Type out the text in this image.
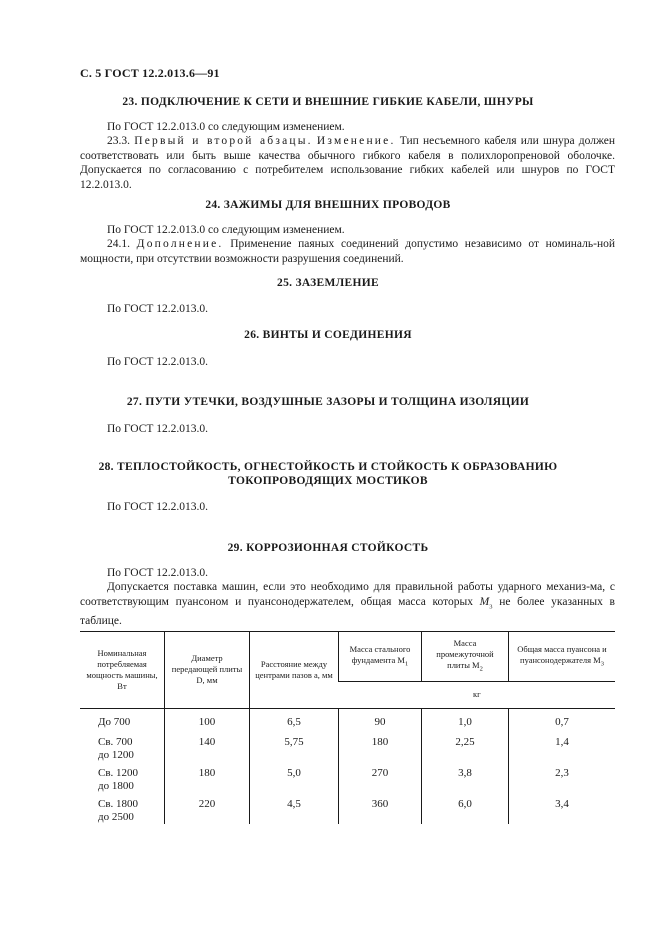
С. 5 ГОСТ 12.2.013.6—91
23. ПОДКЛЮЧЕНИЕ К СЕТИ И ВНЕШНИЕ ГИБКИЕ КАБЕЛИ, ШНУРЫ
По ГОСТ 12.2.013.0 со следующим изменением.
23.3. Первый и второй абзацы. Изменение. Тип несъемного кабеля или шнура должен соответствовать или быть выше качества обычного гибкого кабеля в полихлоропреновой оболочке. Допускается по согласованию с потребителем использование гибких кабелей или шнуров по ГОСТ 12.2.013.0.
24. ЗАЖИМЫ ДЛЯ ВНЕШНИХ ПРОВОДОВ
По ГОСТ 12.2.013.0 со следующим изменением.
24.1. Дополнение. Применение паяных соединений допустимо независимо от номиналь-ной мощности, при отсутствии возможности разрушения соединений.
25. ЗАЗЕМЛЕНИЕ
По ГОСТ 12.2.013.0.
26. ВИНТЫ И СОЕДИНЕНИЯ
По ГОСТ 12.2.013.0.
27. ПУТИ УТЕЧКИ, ВОЗДУШНЫЕ ЗАЗОРЫ И ТОЛЩИНА ИЗОЛЯЦИИ
По ГОСТ 12.2.013.0.
28. ТЕПЛОСТОЙКОСТЬ, ОГНЕСТОЙКОСТЬ И СТОЙКОСТЬ К ОБРАЗОВАНИЮ
ТОКОПРОВОДЯЩИХ МОСТИКОВ
По ГОСТ 12.2.013.0.
29. КОРРОЗИОННАЯ СТОЙКОСТЬ
По ГОСТ 12.2.013.0.
Допускается поставка машин, если это необходимо для правильной работы ударного механиз-ма, с соответствующим пуансоном и пуансонодержателем, общая масса которых $M_3$ не более указанных в таблице.
Номинальная потребляемая мощность машины, Вт	Диаметр передающей плиты D, мм	Расстояние между центрами пазов a, мм	Масса стального фундамента $M_1$	Масса промежуточной плиты $M_2$	Общая масса пуансона и пуансонодержателя $M_3$
			кг		

До 700	100	6,5	90	1,0	0,7

Св. 700
до 1200	140	5,75	180	2,25	1,4

Св. 1200
до 1800	180	5,0	270	3,8	2,3

Св. 1800
до 2500	220	4,5	360	6,0	3,4
